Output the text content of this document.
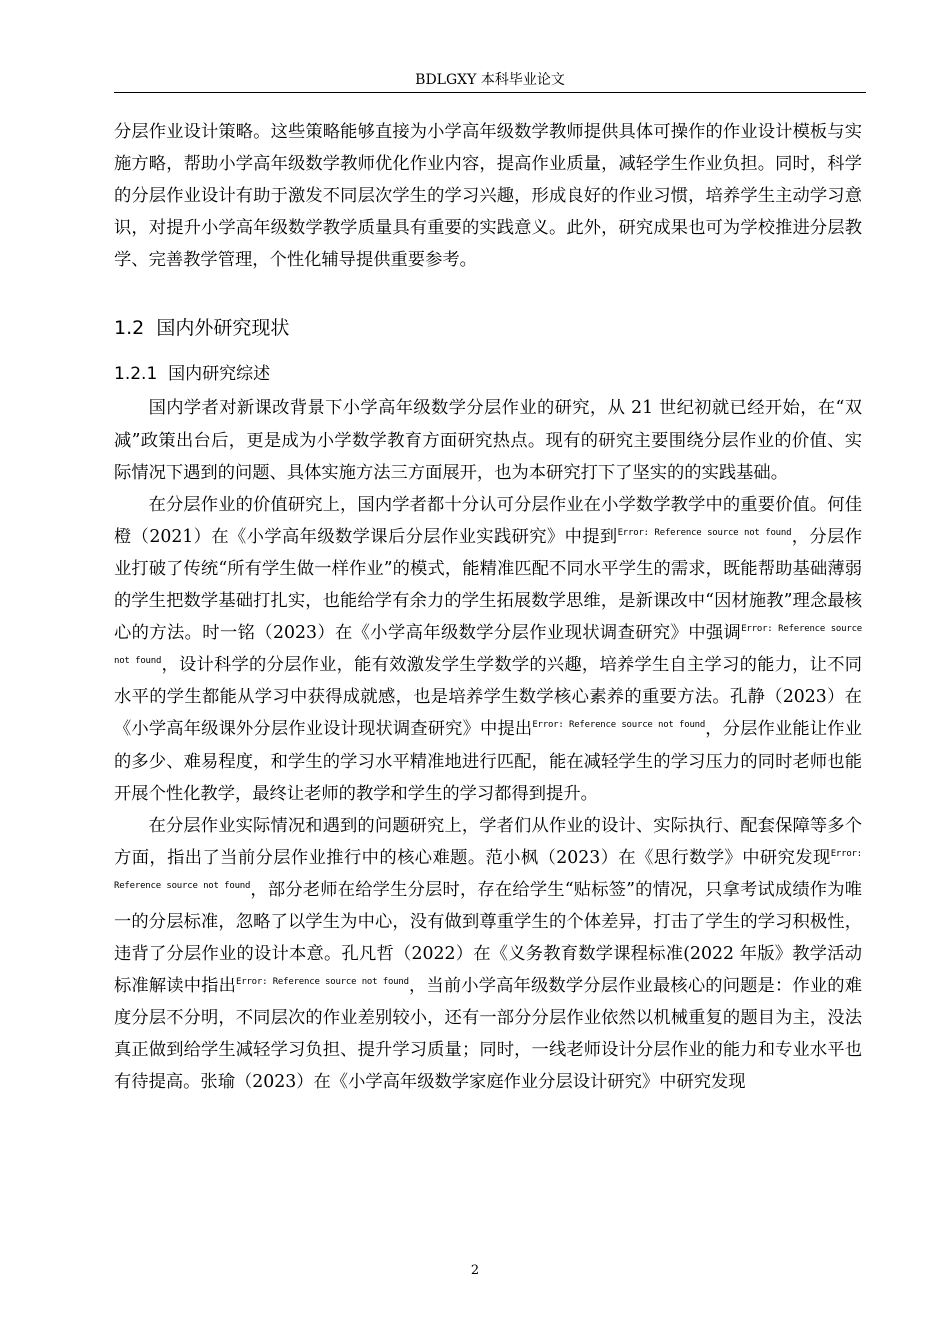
BDLGXY 本科毕业论文

分层作业设计策略。这些策略能够直接为小学高年级数学教师提供具体可操作的作业设计模板与实施方略，帮助小学高年级数学教师优化作业内容，提高作业质量，减轻学生作业负担。同时，科学的分层作业设计有助于激发不同层次学生的学习兴趣，形成良好的作业习惯，培养学生主动学习意识，对提升小学高年级数学教学质量具有重要的实践意义。此外，研究成果也可为学校推进分层教学、完善教学管理，个性化辅导提供重要参考。

1.2 国内外研究现状
1.2.1 国内研究综述

国内学者对新课改背景下小学高年级数学分层作业的研究，从 21 世纪初就已经开始，在“双减”政策出台后，更是成为小学数学教育方面研究热点。现有的研究主要围绕分层作业的价值、实际情况下遇到的问题、具体实施方法三方面展开，也为本研究打下了坚实的的实践基础。

在分层作业的价值研究上，国内学者都十分认可分层作业在小学数学教学中的重要价值。何佳橙（2021）在《小学高年级数学课后分层作业实践研究》中提到$^{Error: Reference source not found}$，分层作业打破了传统“所有学生做一样作业”的模式，能精准匹配不同水平学生的需求，既能帮助基础薄弱的学生把数学基础打扎实，也能给学有余力的学生拓展数学思维，是新课改中“因材施教”理念最核心的方法。时一铭（2023）在《小学高年级数学分层作业现状调查研究》中强调$^{Error: Reference source not found}$，设计科学的分层作业，能有效激发学生学数学的兴趣，培养学生自主学习的能力，让不同水平的学生都能从学习中获得成就感，也是培养学生数学核心素养的重要方法。孔静（2023）在《小学高年级课外分层作业设计现状调查研究》中提出$^{Error: Reference source not found}$，分层作业能让作业的多少、难易程度，和学生的学习水平精准地进行匹配，能在减轻学生的学习压力的同时老师也能开展个性化教学，最终让老师的教学和学生的学习都得到提升。

在分层作业实际情况和遇到的问题研究上，学者们从作业的设计、实际执行、配套保障等多个方面，指出了当前分层作业推行中的核心难题。范小枫（2023）在《思行数学》中研究发现$^{Error: Reference source not found}$，部分老师在给学生分层时，存在给学生“贴标签”的情况，只拿考试成绩作为唯一的分层标准，忽略了以学生为中心，没有做到尊重学生的个体差异，打击了学生的学习积极性，违背了分层作业的设计本意。孔凡哲（2022）在《义务教育数学课程标准(2022 年版》教学活动标准解读中指出$^{Error: Reference source not found}$，当前小学高年级数学分层作业最核心的问题是：作业的难度分层不分明，不同层次的作业差别较小，还有一部分分层作业依然以机械重复的题目为主，没法真正做到给学生减轻学习负担、提升学习质量；同时，一线老师设计分层作业的能力和专业水平也有待提高。张瑜（2023）在《小学高年级数学家庭作业分层设计研究》中研究发现

2
